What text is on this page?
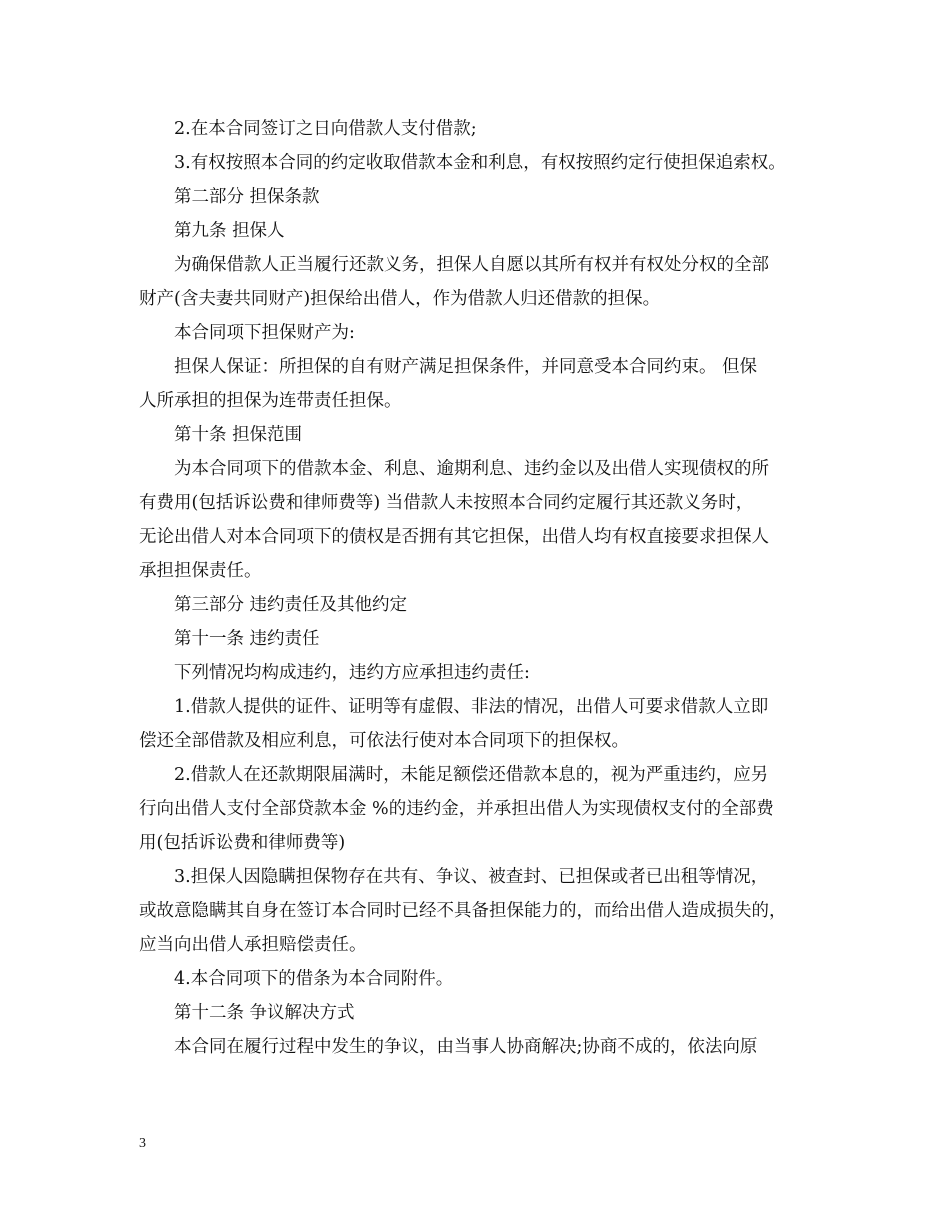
2.在本合同签订之日向借款人支付借款;

3.有权按照本合同的约定收取借款本金和利息，有权按照约定行使担保追索权。

第二部分 担保条款

第九条 担保人

为确保借款人正当履行还款义务，担保人自愿以其所有权并有权处分权的全部
财产(含夫妻共同财产)担保给出借人，作为借款人归还借款的担保。

本合同项下担保财产为:

担保人保证：所担保的自有财产满足担保条件，并同意受本合同约束。 但保
人所承担的担保为连带责任担保。

第十条 担保范围

为本合同项下的借款本金、利息、逾期利息、违约金以及出借人实现债权的所
有费用(包括诉讼费和律师费等) 当借款人未按照本合同约定履行其还款义务时，
无论出借人对本合同项下的债权是否拥有其它担保，出借人均有权直接要求担保人
承担担保责任。

第三部分 违约责任及其他约定

第十一条 违约责任

下列情况均构成违约，违约方应承担违约责任:

1.借款人提供的证件、证明等有虚假、非法的情况，出借人可要求借款人立即
偿还全部借款及相应利息，可依法行使对本合同项下的担保权。

2.借款人在还款期限届满时，未能足额偿还借款本息的，视为严重违约，应另
行向出借人支付全部贷款本金 %的违约金，并承担出借人为实现债权支付的全部费
用(包括诉讼费和律师费等)

3.担保人因隐瞒担保物存在共有、争议、被查封、已担保或者已出租等情况，
或故意隐瞒其自身在签订本合同时已经不具备担保能力的，而给出借人造成损失的，
应当向出借人承担赔偿责任。

4.本合同项下的借条为本合同附件。

第十二条 争议解决方式

本合同在履行过程中发生的争议，由当事人协商解决;协商不成的，依法向原

3
